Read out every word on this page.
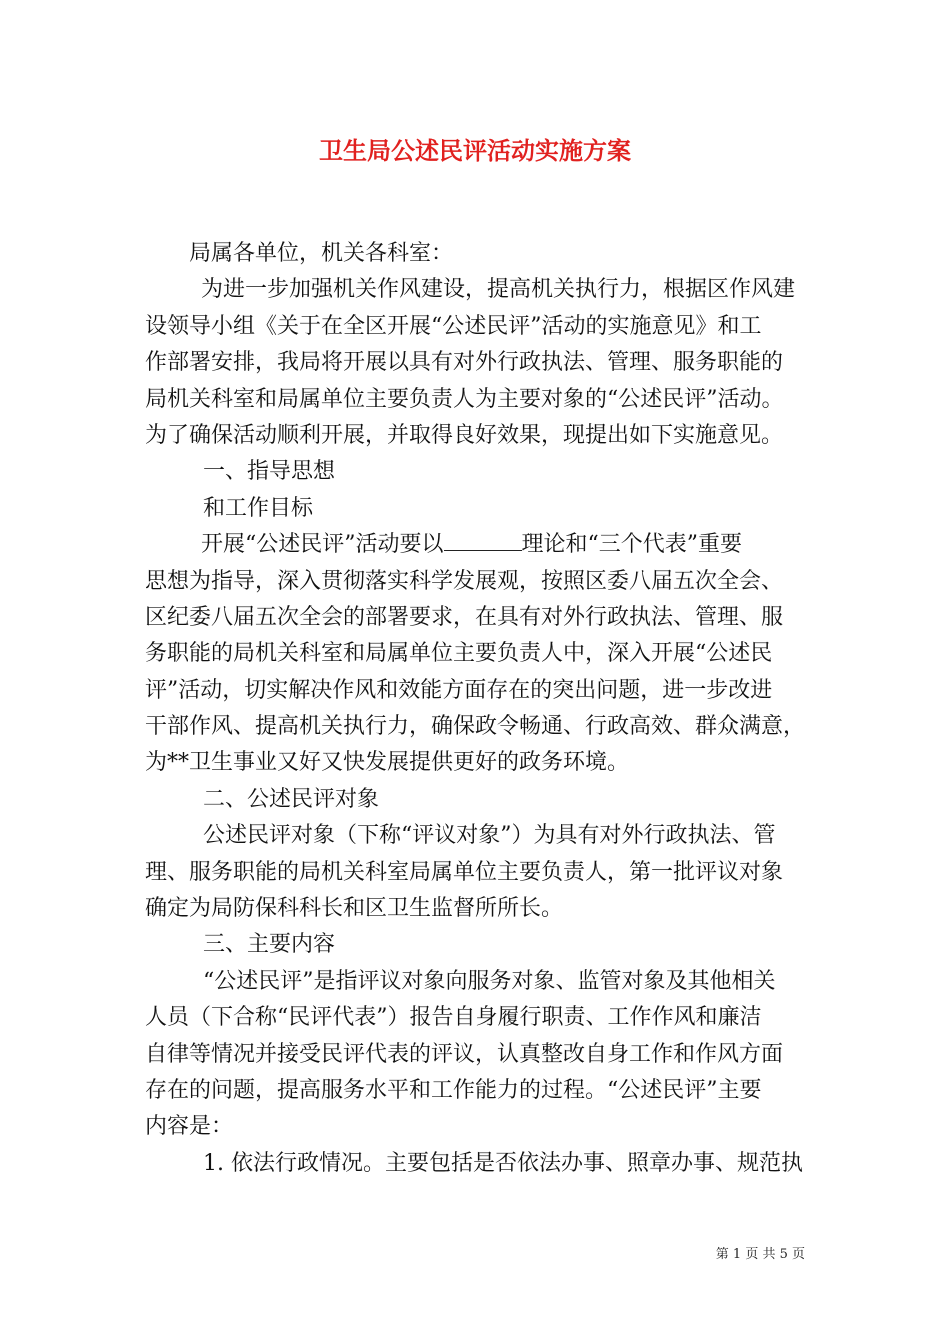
卫生局公述民评活动实施方案
局属各单位，机关各科室：
为进一步加强机关作风建设，提高机关执行力，根据区作风建
设领导小组《关于在全区开展“公述民评”活动的实施意见》和工
作部署安排，我局将开展以具有对外行政执法、管理、服务职能的
局机关科室和局属单位主要负责人为主要对象的“公述民评”活动。
为了确保活动顺利开展，并取得良好效果，现提出如下实施意见。
一、指导思想
和工作目标
开展“公述民评”活动要以	理论和“三个代表”重要
思想为指导，深入贯彻落实科学发展观，按照区委八届五次全会、
区纪委八届五次全会的部署要求，在具有对外行政执法、管理、服
务职能的局机关科室和局属单位主要负责人中，深入开展“公述民
评”活动，切实解决作风和效能方面存在的突出问题，进一步改进
干部作风、提高机关执行力，确保政令畅通、行政高效、群众满意，
为**卫生事业又好又快发展提供更好的政务环境。
二、公述民评对象
公述民评对象（下称“评议对象”）为具有对外行政执法、管
理、服务职能的局机关科室局属单位主要负责人，第一批评议对象
确定为局防保科科长和区卫生监督所所长。
三、主要内容
“公述民评”是指评议对象向服务对象、监管对象及其他相关
人员（下合称“民评代表”）报告自身履行职责、工作作风和廉洁
自律等情况并接受民评代表的评议，认真整改自身工作和作风方面
存在的问题，提高服务水平和工作能力的过程。“公述民评”主要
内容是：
1. 依法行政情况。主要包括是否依法办事、照章办事、规范执
第 1 页 共 5 页
